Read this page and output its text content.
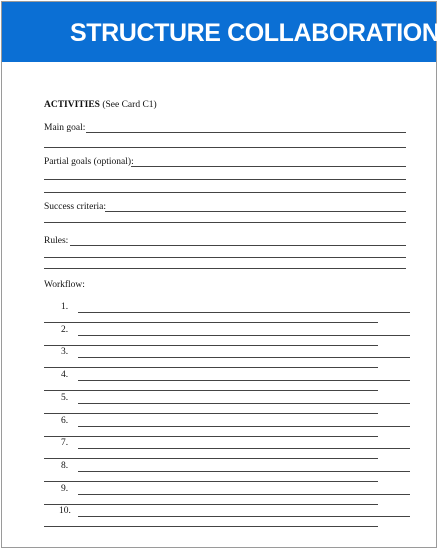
STRUCTURE COLLABORATION
ACTIVITIES (See Card C1)
Main goal:
Partial goals (optional):
Success criteria:
Rules:
Workflow:
1.
2.
3.
4.
5.
6.
7.
8.
9.
10.
